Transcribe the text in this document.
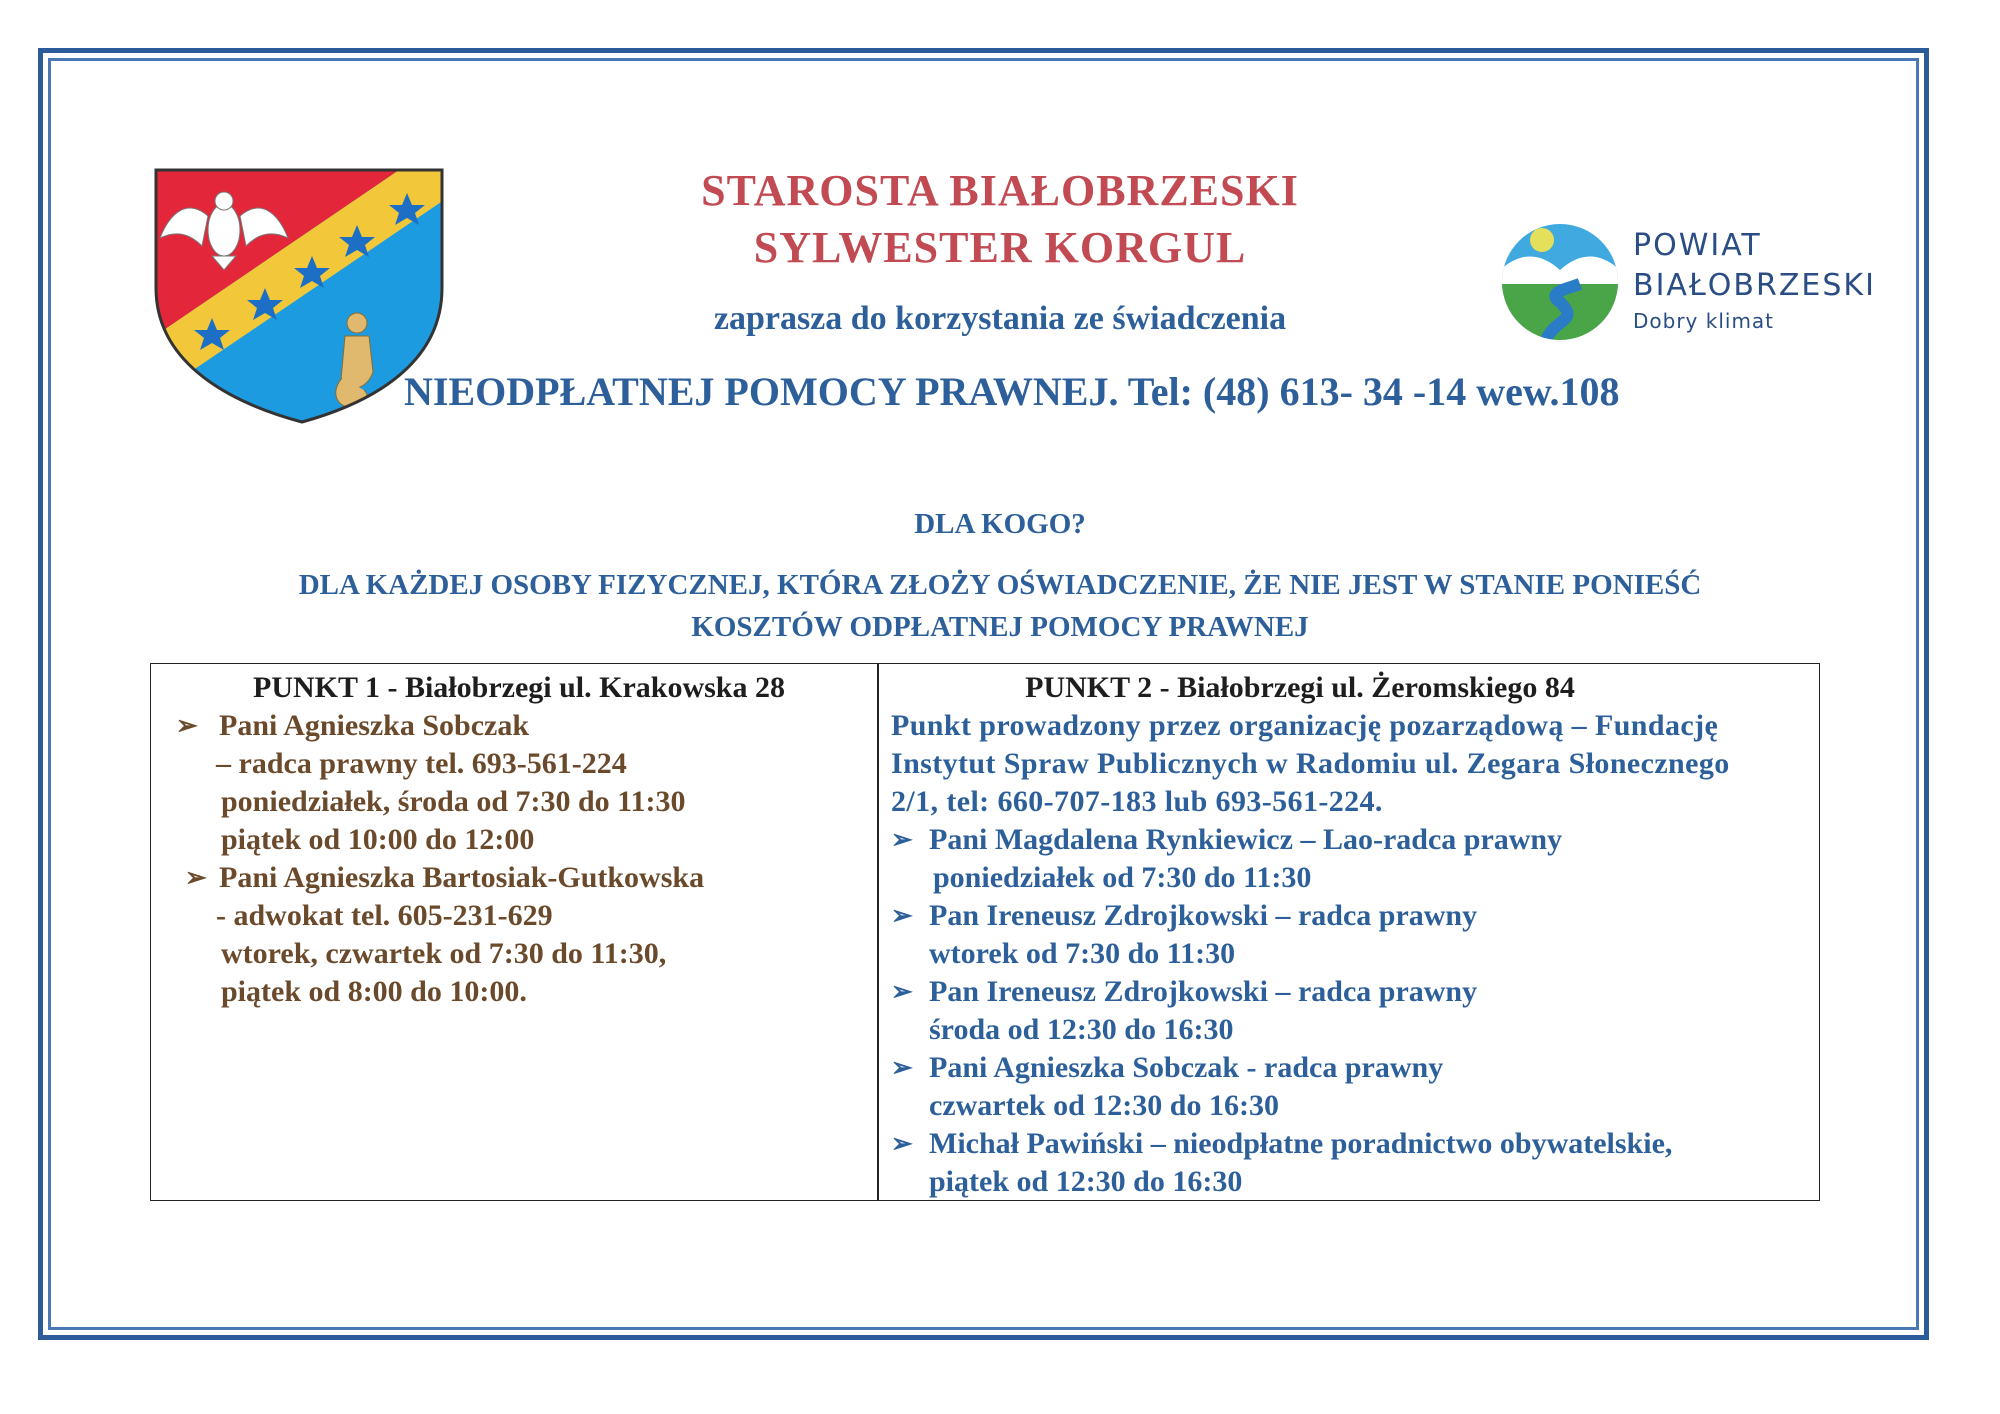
STAROSTA BIAŁOBRZESKI
SYLWESTER KORGUL
zaprasza do korzystania ze świadczenia
NIEODPŁATNEJ POMOCY PRAWNEJ. Tel: (48) 613- 34 -14 wew.108
POWIAT
BIAŁOBRZESKI
Dobry klimat
DLA KOGO?
DLA KAŻDEJ OSOBY FIZYCZNEJ, KTÓRA ZŁOŻY OŚWIADCZENIE, ŻE NIE JEST W STANIE PONIEŚĆ
KOSZTÓW ODPŁATNEJ POMOCY PRAWNEJ
PUNKT 1 - Białobrzegi ul. Krakowska 28
➢ Pani Agnieszka Sobczak
– radca prawny tel. 693-561-224
poniedziałek, środa od 7:30 do 11:30
piątek od 10:00 do 12:00
➢ Pani Agnieszka Bartosiak-Gutkowska
- adwokat tel. 605-231-629
wtorek, czwartek od 7:30 do 11:30,
piątek od 8:00 do 10:00.
PUNKT 2 - Białobrzegi ul. Żeromskiego 84
Punkt prowadzony przez organizację pozarządową – Fundację
Instytut Spraw Publicznych w Radomiu ul. Zegara Słonecznego
2/1, tel: 660-707-183 lub 693-561-224.
➢ Pani Magdalena Rynkiewicz – Lao-radca prawny
poniedziałek od 7:30 do 11:30
➢ Pan Ireneusz Zdrojkowski – radca prawny
wtorek od 7:30 do 11:30
➢ Pan Ireneusz Zdrojkowski – radca prawny
środa od 12:30 do 16:30
➢ Pani Agnieszka Sobczak - radca prawny
czwartek od 12:30 do 16:30
➢ Michał Pawiński – nieodpłatne poradnictwo obywatelskie,
piątek od 12:30 do 16:30
